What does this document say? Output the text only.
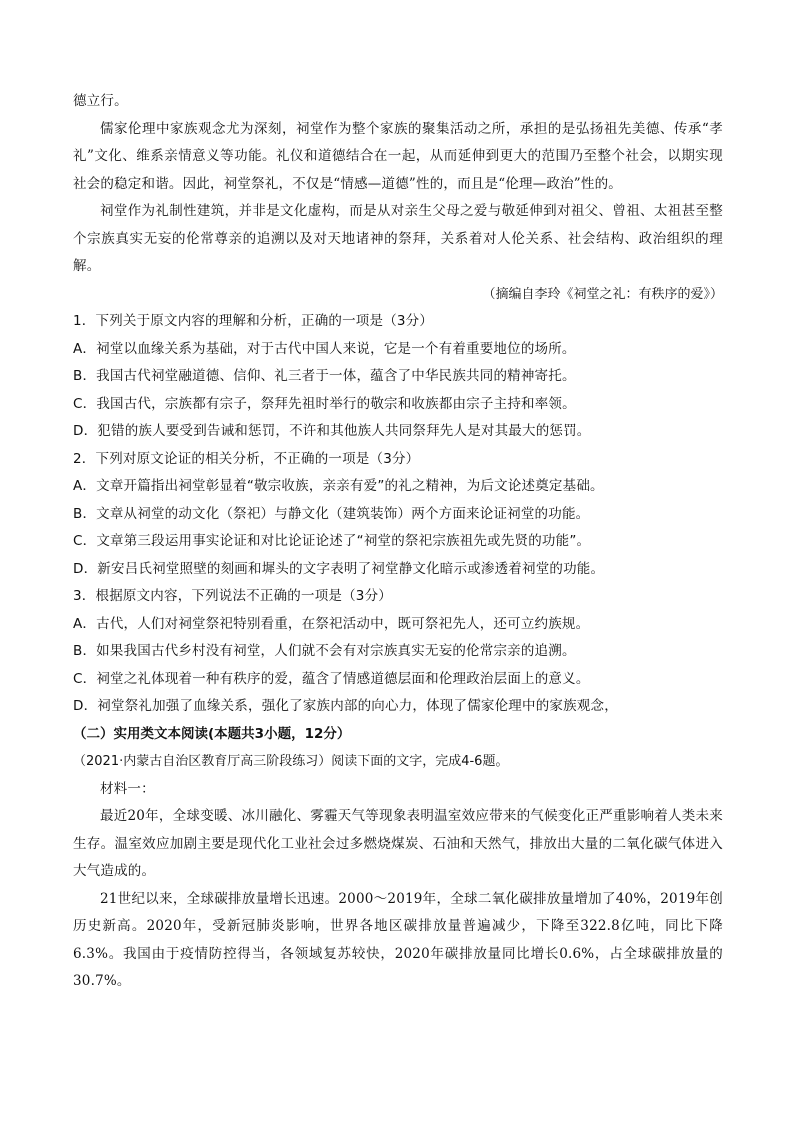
德立行。

儒家伦理中家族观念尤为深刻，祠堂作为整个家族的聚集活动之所，承担的是弘扬祖先美德、传承“孝礼”文化、维系亲情意义等功能。礼仪和道德结合在一起，从而延伸到更大的范围乃至整个社会，以期实现社会的稳定和谐。因此，祠堂祭礼，不仅是“情感—道德”性的，而且是“伦理—政治”性的。

祠堂作为礼制性建筑，并非是文化虚构，而是从对亲生父母之爱与敬延伸到对祖父、曾祖、太祖甚至整个宗族真实无妄的伦常尊亲的追溯以及对天地诸神的祭拜，关系着对人伦关系、社会结构、政治组织的理解。

（摘编自李玲《祠堂之礼：有秩序的爱》）

1．下列关于原文内容的理解和分析，正确的一项是（3分）

A．祠堂以血缘关系为基础，对于古代中国人来说，它是一个有着重要地位的场所。

B．我国古代祠堂融道德、信仰、礼三者于一体，蕴含了中华民族共同的精神寄托。

C．我国古代，宗族都有宗子，祭拜先祖时举行的敬宗和收族都由宗子主持和率领。

D．犯错的族人要受到告诫和惩罚，不许和其他族人共同祭拜先人是对其最大的惩罚。

2．下列对原文论证的相关分析，不正确的一项是（3分）

A．文章开篇指出祠堂彰显着“敬宗收族，亲亲有爱”的礼之精神，为后文论述奠定基础。

B．文章从祠堂的动文化（祭祀）与静文化（建筑装饰）两个方面来论证祠堂的功能。

C．文章第三段运用事实论证和对比论证论述了“祠堂的祭祀宗族祖先或先贤的功能”。

D．新安吕氏祠堂照壁的刻画和墀头的文字表明了祠堂静文化暗示或渗透着祠堂的功能。

3．根据原文内容，下列说法不正确的一项是（3分）

A．古代，人们对祠堂祭祀特别看重，在祭祀活动中，既可祭祀先人，还可立约族规。

B．如果我国古代乡村没有祠堂，人们就不会有对宗族真实无妄的伦常宗亲的追溯。

C．祠堂之礼体现着一种有秩序的爱，蕴含了情感道德层面和伦理政治层面上的意义。

D．祠堂祭礼加强了血缘关系，强化了家族内部的向心力，体现了儒家伦理中的家族观念，

（二）实用类文本阅读(本题共3小题，12分）

（2021·内蒙古自治区教育厅高三阶段练习）阅读下面的文字，完成4-6题。

材料一：

最近20年，全球变暖、冰川融化、雾霾天气等现象表明温室效应带来的气候变化正严重影响着人类未来生存。温室效应加剧主要是现代化工业社会过多燃烧煤炭、石油和天然气，排放出大量的二氧化碳气体进入大气造成的。

21世纪以来，全球碳排放量增长迅速。2000～2019年，全球二氧化碳排放量增加了40%，2019年创历史新高。2020年，受新冠肺炎影响，世界各地区碳排放量普遍减少，下降至322.8亿吨，同比下降6.3%。我国由于疫情防控得当，各领域复苏较快，2020年碳排放量同比增长0.6%，占全球碳排放量的30.7%。
